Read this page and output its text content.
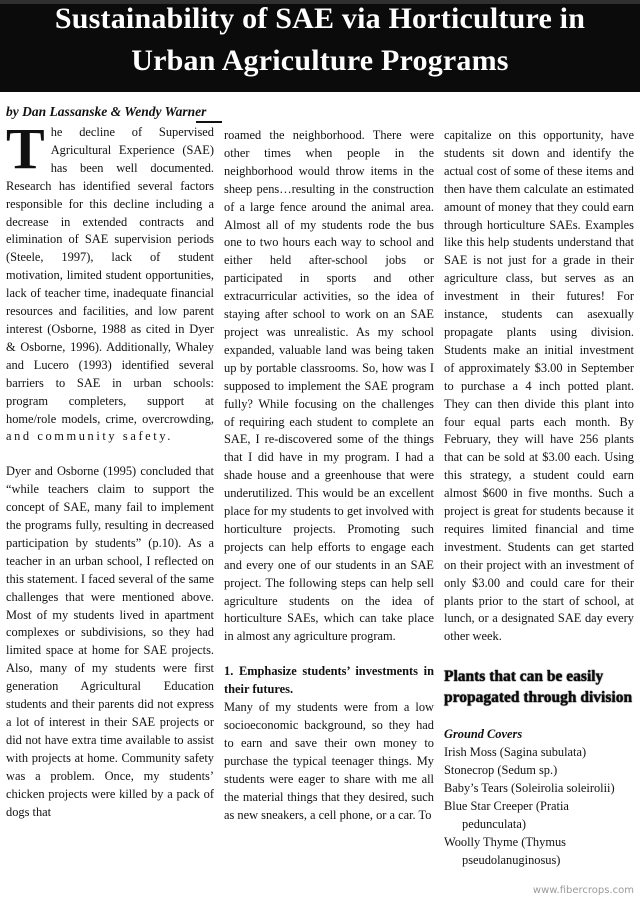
Sustainability of SAE via Horticulture in
Urban Agriculture Programs
by Dan Lassanske & Wendy Warner

The decline of Supervised Agricultural Experience (SAE) has been well documented. Research has identified several factors responsible for this decline including a decrease in extended contracts and elimination of SAE supervision periods (Steele, 1997), lack of student motivation, limited student opportunities, lack of teacher time, inadequate financial resources and facilities, and low parent interest (Osborne, 1988 as cited in Dyer & Osborne, 1996). Additionally, Whaley and Lucero (1993) identified several barriers to SAE in urban schools: program completers, support at home/role models, crime, overcrowding, and community safety.

Dyer and Osborne (1995) concluded that “while teachers claim to support the concept of SAE, many fail to implement the programs fully, resulting in decreased participation by students” (p.10). As a teacher in an urban school, I reflected on this statement. I faced several of the same challenges that were mentioned above. Most of my students lived in apartment complexes or subdivisions, so they had limited space at home for SAE projects. Also, many of my students were first generation Agricultural Education students and their parents did not express a lot of interest in their SAE projects or did not have extra time available to assist with projects at home. Community safety was a problem. Once, my students’ chicken projects were killed by a pack of dogs that

roamed the neighborhood. There were other times when people in the neighborhood would throw items in the sheep pens…resulting in the construction of a large fence around the animal area. Almost all of my students rode the bus one to two hours each way to school and either held after-school jobs or participated in sports and other extracurricular activities, so the idea of staying after school to work on an SAE project was unrealistic. As my school expanded, valuable land was being taken up by portable classrooms. So, how was I supposed to implement the SAE program fully? While focusing on the challenges of requiring each student to complete an SAE, I re-discovered some of the things that I did have in my program. I had a shade house and a greenhouse that were underutilized. This would be an excellent place for my students to get involved with horticulture projects. Promoting such projects can help efforts to engage each and every one of our students in an SAE project. The following steps can help sell agriculture students on the idea of horticulture SAEs, which can take place in almost any agriculture program.

1. Emphasize students’ investments in their futures.

Many of my students were from a low socioeconomic background, so they had to earn and save their own money to purchase the typical teenager things. My students were eager to share with me all the material things that they desired, such as new sneakers, a cell phone, or a car. To

capitalize on this opportunity, have students sit down and identify the actual cost of some of these items and then have them calculate an estimated amount of money that they could earn through horticulture SAEs. Examples like this help students understand that SAE is not just for a grade in their agriculture class, but serves as an investment in their futures! For instance, students can asexually propagate plants using division. Students make an initial investment of approximately $3.00 in September to purchase a 4 inch potted plant. They can then divide this plant into four equal parts each month. By February, they will have 256 plants that can be sold at $3.00 each. Using this strategy, a student could earn almost $600 in five months. Such a project is great for students because it requires limited financial and time investment. Students can get started on their project with an investment of only $3.00 and could care for their plants prior to the start of school, at lunch, or a designated SAE day every other week.

Plants that can be easily propagated through division
Ground Covers
Irish Moss (Sagina subulata)
Stonecrop (Sedum sp.)
Baby’s Tears (Soleirolia soleirolii)
Blue Star Creeper (Pratia
pedunculata)
Woolly Thyme (Thymus
pseudolanuginosus)
www.fibercrops.com
